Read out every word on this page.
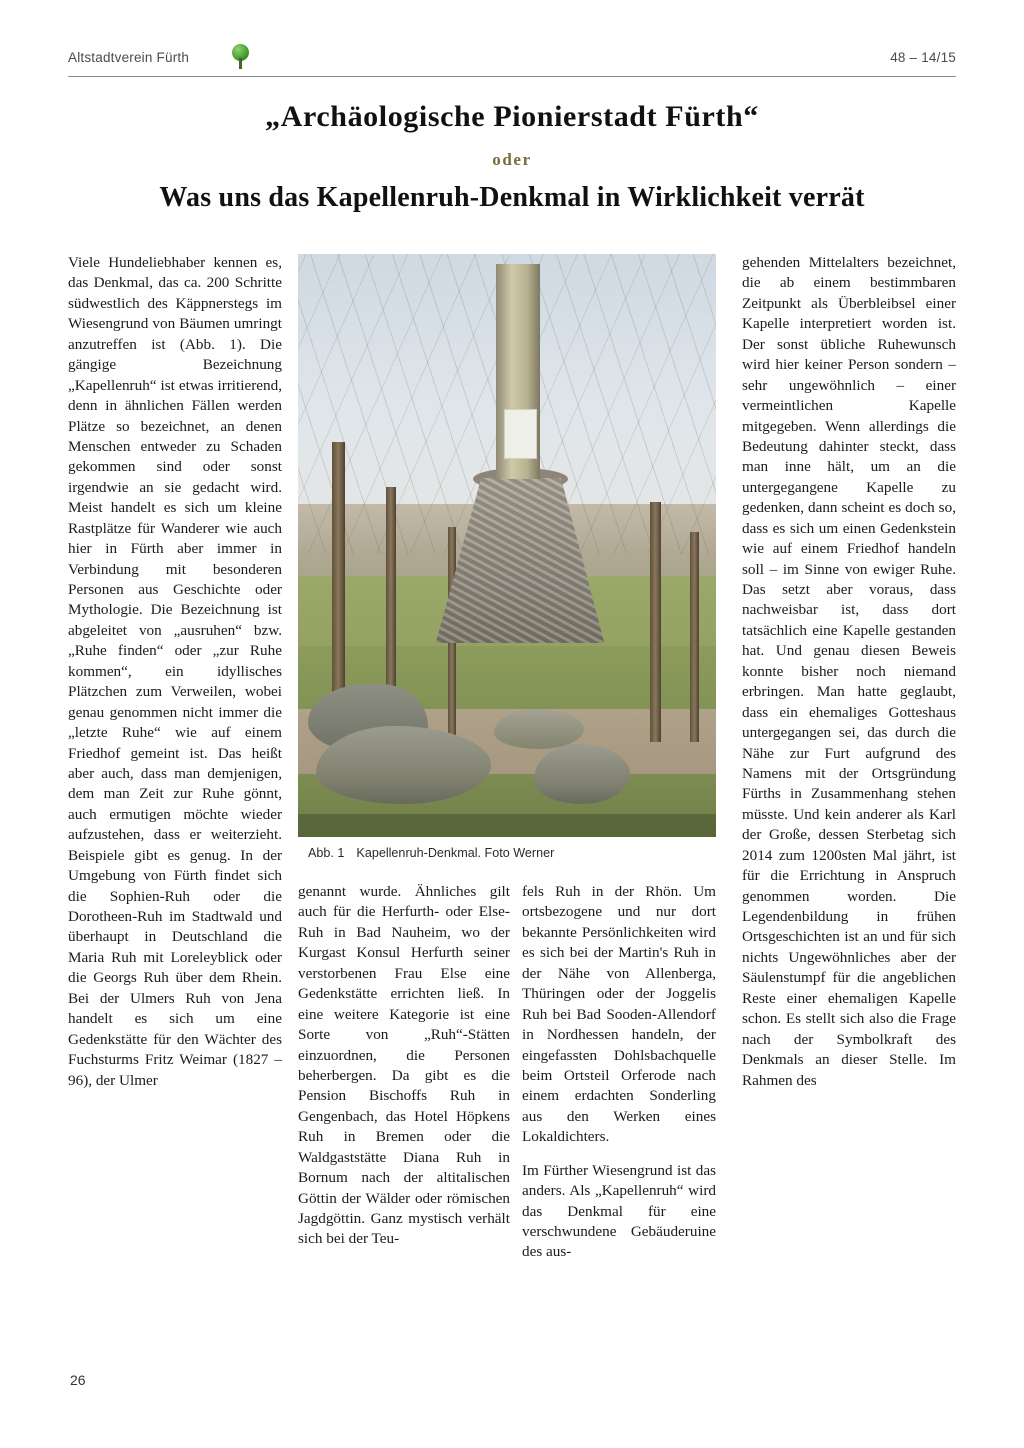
Altstadtverein Fürth	48 – 14/15
„Archäologische Pionierstadt Fürth“
oder
Was uns das Kapellenruh-Denkmal in Wirklichkeit verrät

Viele Hundeliebhaber kennen es, das Denkmal, das ca. 200 Schritte südwestlich des Käppnerstegs im Wiesengrund von Bäumen umringt anzutreffen ist (Abb. 1). Die gängige Bezeichnung „Kapellenruh“ ist etwas irritierend, denn in ähnlichen Fällen werden Plätze so bezeichnet, an denen Menschen entweder zu Schaden gekommen sind oder sonst irgendwie an sie gedacht wird. Meist handelt es sich um kleine Rastplätze für Wanderer wie auch hier in Fürth aber immer in Verbindung mit besonderen Personen aus Geschichte oder Mythologie. Die Bezeichnung ist abgeleitet von „ausruhen“ bzw. „Ruhe finden“ oder „zur Ruhe kommen“, ein idyllisches Plätzchen zum Verweilen, wobei genau genommen nicht immer die „letzte Ruhe“ wie auf einem Friedhof gemeint ist. Das heißt aber auch, dass man demjenigen, dem man Zeit zur Ruhe gönnt, auch ermutigen möchte wieder aufzustehen, dass er weiterzieht. Beispiele gibt es genug. In der Umgebung von Fürth findet sich die Sophien-Ruh oder die Dorotheen-Ruh im Stadtwald und überhaupt in Deutschland die Maria Ruh mit Loreleyblick oder die Georgs Ruh über dem Rhein. Bei der Ulmers Ruh von Jena handelt es sich um eine Gedenkstätte für den Wächter des Fuchsturms Fritz Weimar (1827 – 96), der Ulmer

Abb. 1 Kapellenruh-Denkmal. Foto Werner

genannt wurde. Ähnliches gilt auch für die Herfurth- oder Else-Ruh in Bad Nauheim, wo der Kurgast Konsul Herfurth seiner verstorbenen Frau Else eine Gedenkstätte errichten ließ. In eine weitere Kategorie ist eine Sorte von „Ruh“-Stätten einzuordnen, die Personen beherbergen. Da gibt es die Pension Bischoffs Ruh in Gengenbach, das Hotel Höpkens Ruh in Bremen oder die Waldgaststätte Diana Ruh in Bornum nach der altitalischen Göttin der Wälder oder römischen Jagdgöttin. Ganz mystisch verhält sich bei der Teu-

fels Ruh in der Rhön. Um ortsbezogene und nur dort bekannte Persönlichkeiten wird es sich bei der Martin's Ruh in der Nähe von Allenberga, Thüringen oder der Joggelis Ruh bei Bad Sooden-Allendorf in Nordhessen handeln, der eingefassten Dohlsbachquelle beim Ortsteil Orferode nach einem erdachten Sonderling aus den Werken eines Lokaldichters.

Im Fürther Wiesengrund ist das anders. Als „Kapellenruh“ wird das Denkmal für eine verschwundene Gebäuderuine des aus-

gehenden Mittelalters bezeichnet, die ab einem bestimmbaren Zeitpunkt als Überbleibsel einer Kapelle interpretiert worden ist. Der sonst übliche Ruhewunsch wird hier keiner Person sondern – sehr ungewöhnlich – einer vermeintlichen Kapelle mitgegeben. Wenn allerdings die Bedeutung dahinter steckt, dass man inne hält, um an die untergegangene Kapelle zu gedenken, dann scheint es doch so, dass es sich um einen Gedenkstein wie auf einem Friedhof handeln soll – im Sinne von ewiger Ruhe. Das setzt aber voraus, dass nachweisbar ist, dass dort tatsächlich eine Kapelle gestanden hat. Und genau diesen Beweis konnte bisher noch niemand erbringen. Man hatte geglaubt, dass ein ehemaliges Gotteshaus untergegangen sei, das durch die Nähe zur Furt aufgrund des Namens mit der Ortsgründung Fürths in Zusammenhang stehen müsste. Und kein anderer als Karl der Große, dessen Sterbetag sich 2014 zum 1200sten Mal jährt, ist für die Errichtung in Anspruch genommen worden. Die Legendenbildung in frühen Ortsgeschichten ist an und für sich nichts Ungewöhnliches aber der Säulenstumpf für die angeblichen Reste einer ehemaligen Kapelle schon. Es stellt sich also die Frage nach der Symbolkraft des Denkmals an dieser Stelle. Im Rahmen des

26
